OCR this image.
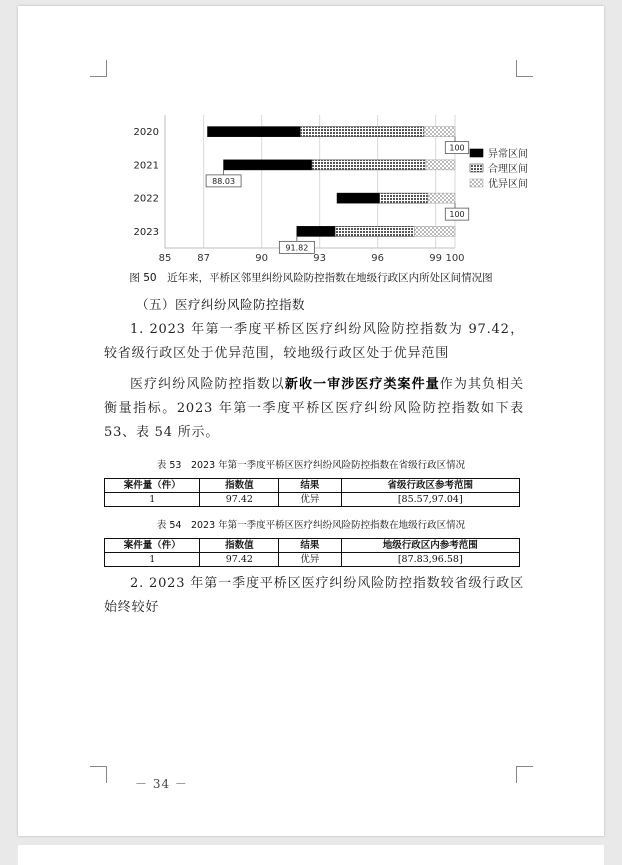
100
88.03
100
91.82
85	87	90	93	96	99 100
2020
2021
2022
2023
异常区间
合理区间
优异区间
图 50　近年来，平桥区邻里纠纷风险防控指数在地级行政区内所处区间情况图
（五）医疗纠纷风险防控指数

1. 2023 年第一季度平桥区医疗纠纷风险防控指数为 97.42，较省级行政区处于优异范围，较地级行政区处于优异范围

医疗纠纷风险防控指数以新收一审涉医疗类案件量作为其负相关衡量指标。2023 年第一季度平桥区医疗纠纷风险防控指数如下表 53、表 54 所示。

表 53　2023 年第一季度平桥区医疗纠纷风险防控指数在省级行政区情况
案件量（件）	指数值	结果	省级行政区参考范围
1	97.42	优异	[85.57,97.04]
表 54　2023 年第一季度平桥区医疗纠纷风险防控指数在地级行政区情况
案件量（件）	指数值	结果	地级行政区内参考范围
1	97.42	优异	[87.83,96.58]

2. 2023 年第一季度平桥区医疗纠纷风险防控指数较省级行政区始终较好

－ 34 －
